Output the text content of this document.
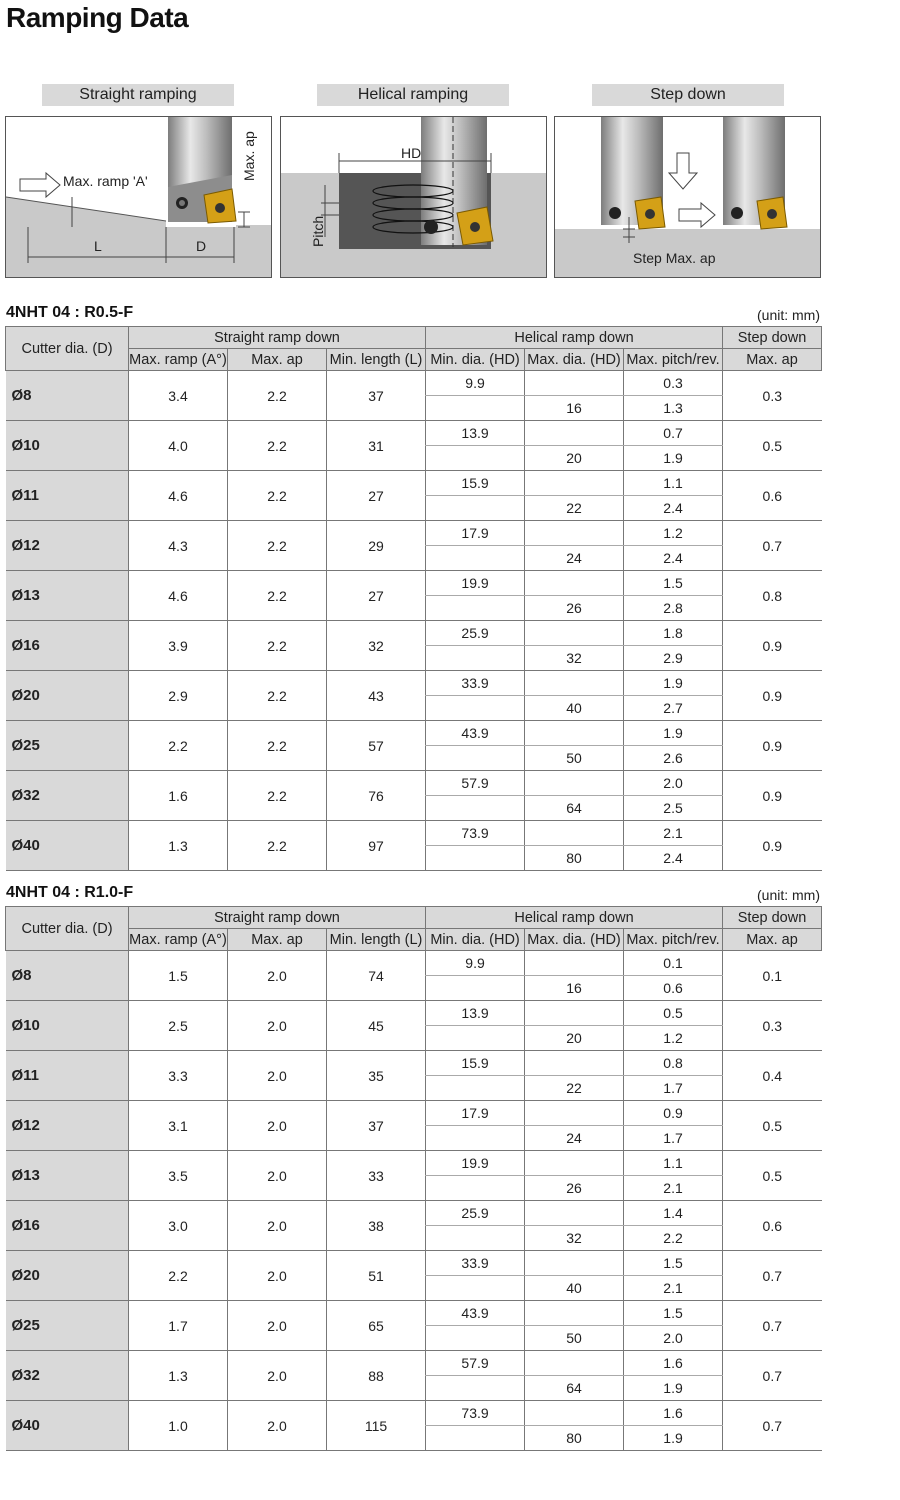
Ramping Data
Straight ramping	Helical ramping	Step down
Max. ramp 'A'	Max. ap
L	D
HD
Pitch
Step Max. ap
4NHT 04 : R0.5-F	(unit: mm)
Cutter dia. (D)	Straight ramp down			Helical ramp down			Step down
	Max. ramp (A°)	Max. ap	Min. length (L)	Min. dia. (HD)	Max. dia. (HD)	Max. pitch/rev.	Max. ap
Ø8	3.4	2.2	37	9.9		0.3	0.3
					16	1.3	
Ø10	4.0	2.2	31	13.9		0.7	0.5
					20	1.9	
Ø11	4.6	2.2	27	15.9		1.1	0.6
					22	2.4	
Ø12	4.3	2.2	29	17.9		1.2	0.7
					24	2.4	
Ø13	4.6	2.2	27	19.9		1.5	0.8
					26	2.8	
Ø16	3.9	2.2	32	25.9		1.8	0.9
					32	2.9	
Ø20	2.9	2.2	43	33.9		1.9	0.9
					40	2.7	
Ø25	2.2	2.2	57	43.9		1.9	0.9
					50	2.6	
Ø32	1.6	2.2	76	57.9		2.0	0.9
					64	2.5	
Ø40	1.3	2.2	97	73.9		2.1	0.9
					80	2.4	
4NHT 04 : R1.0-F	(unit: mm)
Cutter dia. (D)	Straight ramp down			Helical ramp down			Step down
	Max. ramp (A°)	Max. ap	Min. length (L)	Min. dia. (HD)	Max. dia. (HD)	Max. pitch/rev.	Max. ap
Ø8	1.5	2.0	74	9.9		0.1	0.1
					16	0.6	
Ø10	2.5	2.0	45	13.9		0.5	0.3
					20	1.2	
Ø11	3.3	2.0	35	15.9		0.8	0.4
					22	1.7	
Ø12	3.1	2.0	37	17.9		0.9	0.5
					24	1.7	
Ø13	3.5	2.0	33	19.9		1.1	0.5
					26	2.1	
Ø16	3.0	2.0	38	25.9		1.4	0.6
					32	2.2	
Ø20	2.2	2.0	51	33.9		1.5	0.7
					40	2.1	
Ø25	1.7	2.0	65	43.9		1.5	0.7
					50	2.0	
Ø32	1.3	2.0	88	57.9		1.6	0.7
					64	1.9	
Ø40	1.0	2.0	115	73.9		1.6	0.7
					80	1.9	
